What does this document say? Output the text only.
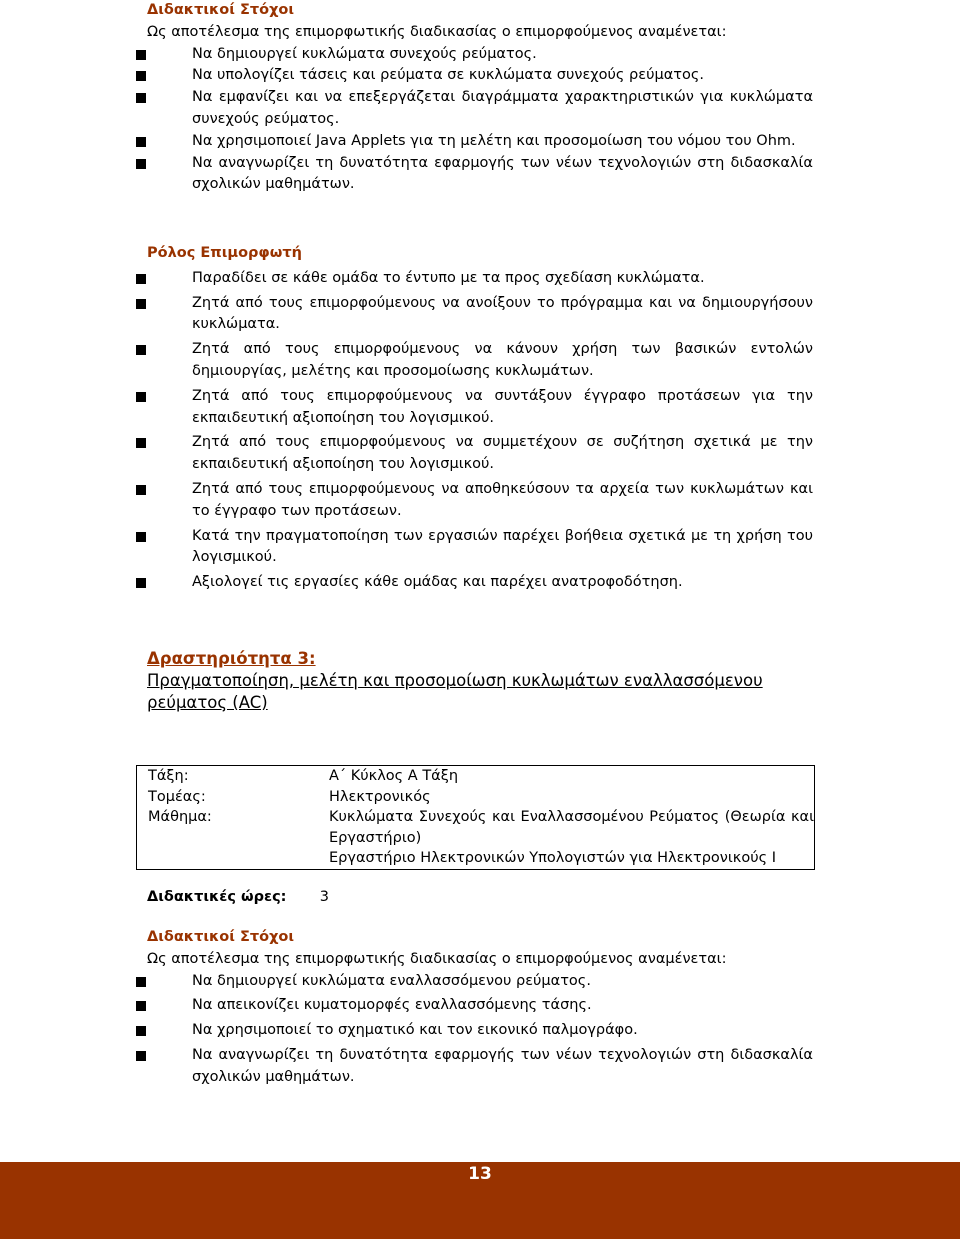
Διδακτικοί Στόχοι
Ως αποτέλεσμα της επιμορφωτικής διαδικασίας ο επιμορφούμενος αναμένεται:
Να δημιουργεί κυκλώματα συνεχούς ρεύματος.
Να υπολογίζει τάσεις και ρεύματα σε κυκλώματα συνεχούς ρεύματος.
Να εμφανίζει και να επεξεργάζεται διαγράμματα χαρακτηριστικών για κυκλώματα συνεχούς ρεύματος.
Να χρησιμοποιεί Java Applets για τη μελέτη και προσομοίωση του νόμου του Ohm.
Να αναγνωρίζει τη δυνατότητα εφαρμογής των νέων τεχνολογιών στη διδασκαλία σχολικών μαθημάτων.
Ρόλος Επιμορφωτή
Παραδίδει σε κάθε ομάδα το έντυπο με τα προς σχεδίαση κυκλώματα.
Ζητά από τους επιμορφούμενους να ανοίξουν το πρόγραμμα και να δημιουργήσουν κυκλώματα.
Ζητά από τους επιμορφούμενους να κάνουν χρήση των βασικών εντολών δημιουργίας, μελέτης και προσομοίωσης κυκλωμάτων.
Ζητά από τους επιμορφούμενους να συντάξουν έγγραφο προτάσεων για την εκπαιδευτική αξιοποίηση του λογισμικού.
Ζητά από τους επιμορφούμενους να συμμετέχουν σε συζήτηση σχετικά με την εκπαιδευτική αξιοποίηση του λογισμικού.
Ζητά από τους επιμορφούμενους να αποθηκεύσουν τα αρχεία των κυκλωμάτων και το έγγραφο των προτάσεων.
Κατά την πραγματοποίηση των εργασιών παρέχει βοήθεια σχετικά με τη χρήση του λογισμικού.
Αξιολογεί τις εργασίες κάθε ομάδας και παρέχει ανατροφοδότηση.
Δραστηριότητα 3:
Πραγματοποίηση, μελέτη και προσομοίωση κυκλωμάτων εναλλασσόμενου ρεύματος (AC)
Τάξη:	Α΄ Κύκλος Α Τάξη
Τομέας:	Ηλεκτρονικός
Μάθημα:	Κυκλώματα Συνεχούς και Εναλλασσομένου Ρεύματος (Θεωρία και Εργαστήριο)
Εργαστήριο Ηλεκτρονικών Υπολογιστών για Ηλεκτρονικούς Ι
Διδακτικές ώρες: 3
Διδακτικοί Στόχοι
Ως αποτέλεσμα της επιμορφωτικής διαδικασίας ο επιμορφούμενος αναμένεται:
Να δημιουργεί κυκλώματα εναλλασσόμενου ρεύματος.
Να απεικονίζει κυματομορφές εναλλασσόμενης τάσης.
Να χρησιμοποιεί το σχηματικό και τον εικονικό παλμογράφο.
Να αναγνωρίζει τη δυνατότητα εφαρμογής των νέων τεχνολογιών στη διδασκαλία σχολικών μαθημάτων.
13
